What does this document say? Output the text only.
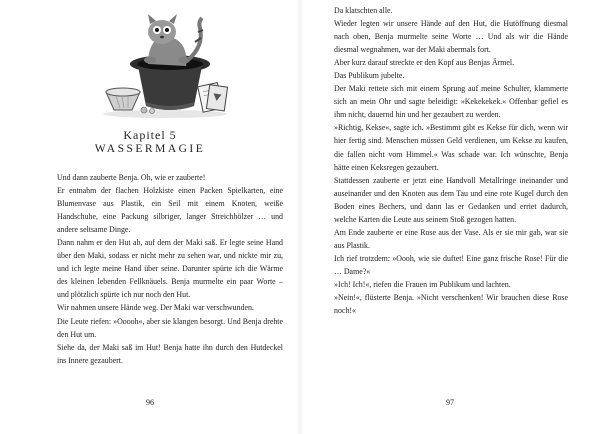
Kapitel 5

WASSERMAGIE

Und dann zauberte Benja. Oh, wie er zauberte!

Er entnahm der flachen Holzkiste einen Packen Spielkarten, eine Blumenvase aus Plastik, ein Seil mit einem Knoten, weiße Handschuhe, eine Packung silbriger, langer Streichhölzer … und andere seltsame Dinge.

Dann nahm er den Hut ab, auf dem der Maki saß. Er legte seine Hand über den Maki, sodass er nicht mehr zu sehen war, und nickte mir zu, und ich legte meine Hand über seine. Darunter spürte ich die Wärme des kleinen lebenden Fellknäuels. Benja murmelte ein paar Worte – und plötzlich spürte ich nur noch den Hut.

Wir nahmen unsere Hände weg. Der Maki war verschwunden.

Die Leute riefen: »Ooooh«, aber sie klangen besorgt. Und Benja drehte den Hut um.

Siehe da, der Maki saß im Hut! Benja hatte ihn durch den Hutdeckel ins Innere gezaubert.

96

Da klatschten alle.

Wieder legten wir unsere Hände auf den Hut, die Hutöffnung diesmal nach oben, Benja murmelte seine Worte … Und als wir die Hände diesmal wegnahmen, war der Maki abermals fort.

Aber kurz darauf streckte er den Kopf aus Benjas Ärmel.

Das Publikum jubelte.

Der Maki rettete sich mit einem Sprung auf meine Schulter, klammerte sich an mein Ohr und sagte beleidigt: »Kekekekek.« Offenbar gefiel es ihm nicht, dauernd hin und her gezaubert zu werden.

»Richtig, Kekse«, sagte ich. »Bestimmt gibt es Kekse für dich, wenn wir hier fertig sind. Menschen müssen Geld verdienen, um Kekse zu kaufen, die fallen nicht vom Himmel.« Was schade war. Ich wünschte, Benja hätte einen Keksregen gezaubert.

Stattdessen zauberte er jetzt eine Handvoll Metallringe ineinander und auseinander und den Knoten aus dem Tau und eine rote Kugel durch den Boden eines Bechers, und dann las er Gedanken und erriet dadurch, welche Karten die Leute aus seinem Stoß gezogen hatten.

Am Ende zauberte er eine Rose aus der Vase. Als er sie mir gab, war sie aus Plastik.

Ich rief trotzdem: »Oooh, wie sie duftet! Eine ganz frische Rose! Für die … Dame?«

»Ich! Ich!«, riefen die Frauen im Publikum und lachten.

»Nein!«, flüsterte Benja. »Nicht verschenken! Wir brauchen diese Rose noch!«

97
